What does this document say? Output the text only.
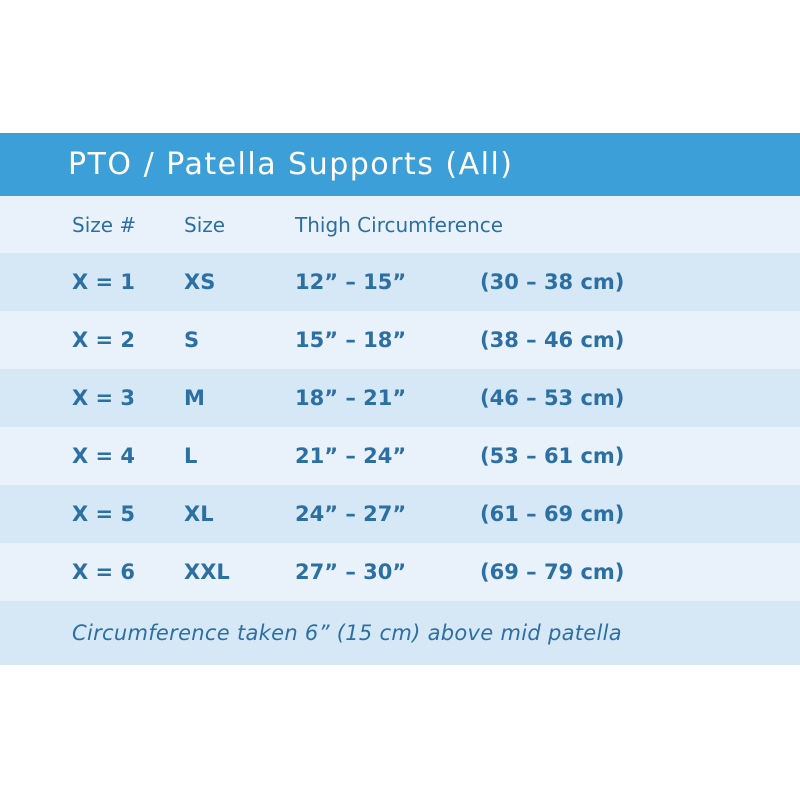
PTO / Patella Supports (All)
Size # Size	Thigh Circumference
X = 1 XS	12” – 15”	(30 – 38 cm)
X = 2 S	15” – 18”	(38 – 46 cm)
X = 3 M	18” – 21”	(46 – 53 cm)
X = 4 L	21” – 24”	(53 – 61 cm)
X = 5 XL	24” – 27”	(61 – 69 cm)
X = 6 XXL	27” – 30”	(69 – 79 cm)
Circumference taken 6” (15 cm) above mid patella
